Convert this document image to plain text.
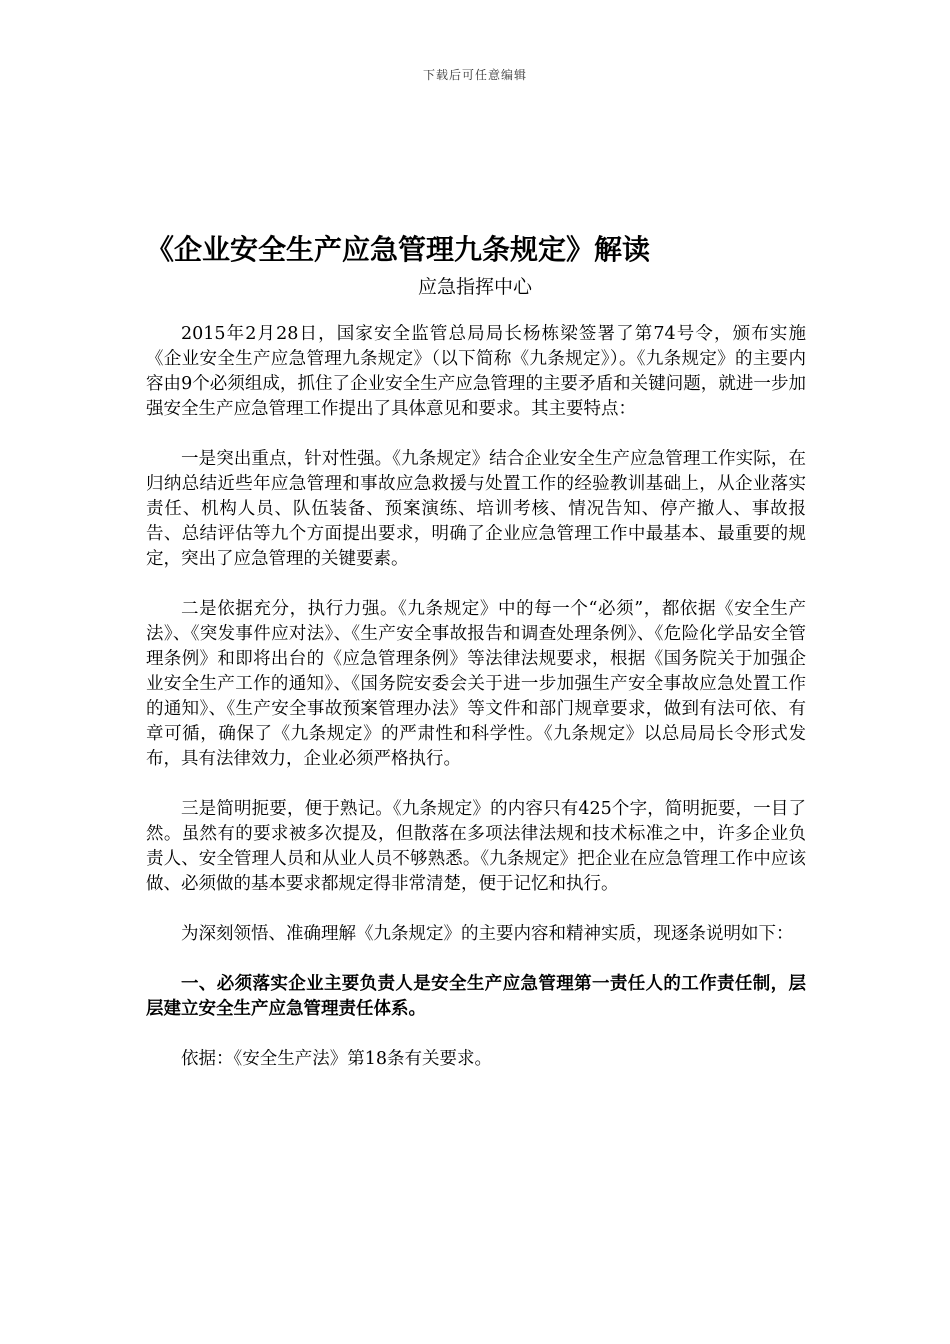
下载后可任意编辑
《企业安全生产应急管理九条规定》解读
应急指挥中心

2015年2月28日，国家安全监管总局局长杨栋梁签署了第74号令，颁布实施《企业安全生产应急管理九条规定》（以下简称《九条规定》）。《九条规定》的主要内容由9个必须组成，抓住了企业安全生产应急管理的主要矛盾和关键问题，就进一步加强安全生产应急管理工作提出了具体意见和要求。其主要特点：

一是突出重点，针对性强。《九条规定》结合企业安全生产应急管理工作实际，在归纳总结近些年应急管理和事故应急救援与处置工作的经验教训基础上，从企业落实责任、机构人员、队伍装备、预案演练、培训考核、情况告知、停产撤人、事故报告、总结评估等九个方面提出要求，明确了企业应急管理工作中最基本、最重要的规定，突出了应急管理的关键要素。

二是依据充分，执行力强。《九条规定》中的每一个“必须”，都依据《安全生产法》、《突发事件应对法》、《生产安全事故报告和调查处理条例》、《危险化学品安全管理条例》和即将出台的《应急管理条例》等法律法规要求，根据《国务院关于加强企业安全生产工作的通知》、《国务院安委会关于进一步加强生产安全事故应急处置工作的通知》、《生产安全事故预案管理办法》等文件和部门规章要求，做到有法可依、有章可循，确保了《九条规定》的严肃性和科学性。《九条规定》以总局局长令形式发布，具有法律效力，企业必须严格执行。

三是简明扼要，便于熟记。《九条规定》的内容只有425个字，简明扼要，一目了然。虽然有的要求被多次提及，但散落在多项法律法规和技术标准之中，许多企业负责人、安全管理人员和从业人员不够熟悉。《九条规定》把企业在应急管理工作中应该做、必须做的基本要求都规定得非常清楚，便于记忆和执行。

为深刻领悟、准确理解《九条规定》的主要内容和精神实质，现逐条说明如下：

一、必须落实企业主要负责人是安全生产应急管理第一责任人的工作责任制，层层建立安全生产应急管理责任体系。

依据：《安全生产法》第18条有关要求。
